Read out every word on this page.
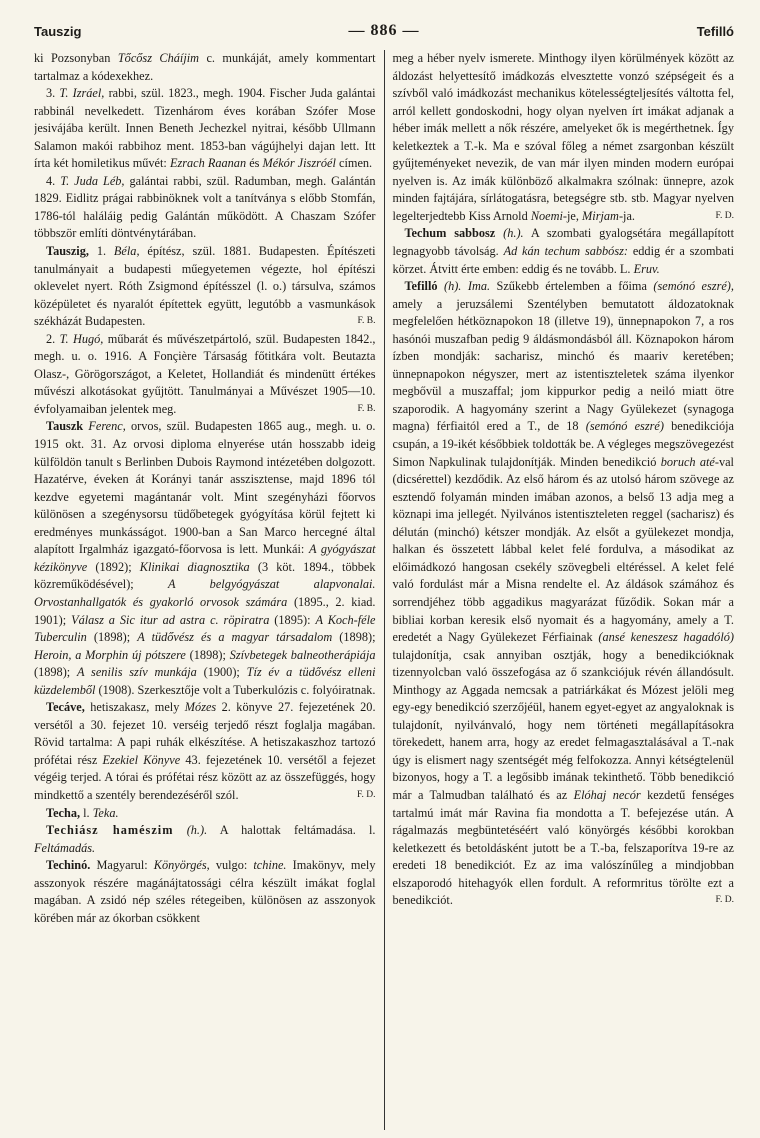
Tauszig	— 886 —	Tefilló

ki Pozsonyban Tőcősz Cháíjim c. munkáját, amely kommentart tartalmaz a kódexekhez.

3. T. Izráel, rabbi, szül. 1823., megh. 1904. Fischer Juda galántai rabbinál nevelkedett. Tizenhárom éves korában Szófer Mose jesivájába került. Innen Beneth Jechezkel nyitrai, később Ullmann Salamon makói rabbihoz ment. 1853-ban vágújhelyi dajan lett. Itt írta két homiletikus művét: Ezrach Raanan és Mékór Jiszróél címen.

4. T. Juda Léb, galántai rabbi, szül. Radumban, megh. Galántán 1829. Eidlitz prágai rabbinöknek volt a tanítványa s előbb Stomfán, 1786-tól haláláig pedig Galántán működött. A Chaszam Szófer többször említi döntvénytárában.

Tauszig, 1. Béla, építész, szül. 1881. Budapesten. Építészeti tanulmányait a budapesti műegyetemen végezte, hol építészi oklevelet nyert. Róth Zsigmond építésszel (l. o.) társulva, számos középületet és nyaralót építettek együtt, legutóbb a vasmunkások székházát Budapesten.	F. B.

2. T. Hugó, műbarát és művészetpártoló, szül. Budapesten 1842., megh. u. o. 1916. A Fonçière Társaság főtitkára volt. Beutazta Olasz-, Görögországot, a Keletet, Hollandiát és mindenütt értékes művészi alkotásokat gyűjtött. Tanulmányai a Művészet 1905—10. évfolyamaiban jelentek meg.	F. B.

Tauszk Ferenc, orvos, szül. Budapesten 1865 aug., megh. u. o. 1915 okt. 31. Az orvosi diploma elnyerése után hosszabb ideig külföldön tanult s Berlinben Dubois Raymond intézetében dolgozott. Hazatérve, éveken át Korányi tanár asszisztense, majd 1896 tól kezdve egyetemi magántanár volt. Mint szegényházi főorvos különösen a szegénysorsu tüdőbetegek gyógyítása körül fejtett ki eredményes munkásságot. 1900-ban a San Marco hercegné által alapított Irgalmház igazgató-főorvosa is lett. Munkái: A gyógyászat kézikönyve (1892); Klinikai diagnosztika (3 köt. 1894., többek közreműködésével);	A belgyógyászat alapvonalai. Orvostanhallgatók és gyakorló orvosok számára (1895., 2. kiad. 1901); Válasz a Sic itur ad astra c. röpiratra (1895): A Koch-féle Tuberculin (1898); A tüdővész és a magyar társadalom (1898); Heroin, a Morphin új pótszere (1898); Szívbetegek balneotherápiája (1898); A senilis szív munkája (1900); Tíz év a tüdővész elleni küzdelemből (1908). Szerkesztője volt a Tuberkulózis c. folyóiratnak.

Tecáve, hetiszakasz, mely Mózes 2. könyve 27. fejezetének 20. versétől a 30. fejezet 10. verséig terjedő részt foglalja magában. Rövid tartalma: A papi ruhák elkészítése. A hetiszakaszhoz tartozó prófétai rész Ezekiel Könyve 43. fejezetének 10. versétől a fejezet végéig terjed. A tórai és prófétai rész között az az összefüggés, hogy mindkettő a szentély berendezéséről szól.	F. D.

Techa, l. Teka.

Techiász hamészim (h.). A halottak feltámadása. l. Feltámadás.

Techinó. Magyarul: Könyörgés, vulgo: tchine. Imakönyv, mely asszonyok részére magánájtatossági célra készült imákat foglal magában. A zsidó nép széles rétegeiben, különösen az asszonyok körében már az ókorban csökkent

meg a héber nyelv ismerete. Minthogy ilyen körülmények között az áldozást helyettesítő imádkozás elvesztette vonzó szépségeit és a szívből való imádkozást mechanikus kötelességteljesítés váltotta fel, arról kellett gondoskodni, hogy olyan nyelven írt imákat adjanak a héber imák mellett a nők részére, amelyeket ők is megérthetnek. Így keletkeztek a T.-k. Ma e szóval főleg a német zsargonban készült gyűjteményeket nevezik, de van már ilyen minden modern európai nyelven is. Az imák különböző alkalmakra szólnak: ünnepre, azok minden fajtájára, sírlátogatásra, betegségre stb. stb. Magyar nyelven legelterjedtebb Kiss Arnold Noemi-je, Mirjam-ja.	F. D.

Techum sabbosz (h.). A szombati gyalogsétára megállapított legnagyobb távolság. Ad kán techum sabbósz: eddig ér a szombati körzet. Átvitt érte emben: eddig és ne tovább. L. Eruv.

Tefilló (h). Ima. Szűkebb értelemben a főima (semónó eszré), amely a jeruzsálemi Szentélyben bemutatott áldozatoknak megfelelően hétköznapokon 18 (illetve 19), ünnepnapokon 7, a ros hasónói muszafban pedig 9 áldásmondásból áll. Köznapokon három ízben mondják: sacharisz, minchó és maariv keretében; ünnepnapokon négyszer, mert az istentiszteletek száma ilyenkor megbővül a muszaffal; jom kippurkor pedig a neiló miatt ötre szaporodik. A hagyomány szerint a Nagy Gyülekezet (synagoga magna) férfiaitól ered a T., de 18 (semónó eszré) benedikciója csupán, a 19-ikét későbbiek toldották be. A végleges megszövegezést Simon Napkulinak tulajdonítják. Minden benedikció boruch até-val (dicsérettel) kezdődik. Az első három és az utolsó három szövege az esztendő folyamán minden imában azonos, a belső 13 adja meg a köznapi ima jellegét. Nyilvános istentiszteleten reggel (sacharisz) és délután (minchó) kétszer mondják. Az elsőt a gyülekezet mondja, halkan és összetett lábbal kelet felé fordulva, a másodikat az előimádkozó hangosan csekély szövegbeli eltéréssel. A kelet felé való fordulást már a Misna rendelte el. Az áldások számához és sorrendjéhez több aggadikus magyarázat fűződik. Sokan már a bibliai korban keresik első nyomait és a hagyomány, amely a T. eredetét a Nagy Gyülekezet Férfiainak (ansé keneszesz hagadóló) tulajdonítja, csak annyiban osztják, hogy a benedikcióknak tizennyolcban való összefogása az ő szankciójuk révén állandósult. Minthogy az Aggada nemcsak a patriárkákat és Mózest jelöli meg egy-egy benedikció szerzőjéül, hanem egyet-egyet az angyaloknak is tulajdonít, nyilvánvaló, hogy nem történeti megállapításokra törekedett, hanem arra, hogy az eredet felmagasztalásával a T.-nak úgy is elismert nagy szentségét még felfokozza. Annyi kétségtelenül bizonyos, hogy a T. a legősibb imának tekinthető. Több benedikció már a Talmudban található és az Elóhaj necór kezdetű fenséges tartalmú imát már Ravina fia mondotta a T. befejezése után. A rágalmazás megbüntetéséért való könyörgés későbbi korokban keletkezett és betoldásként jutott be a T.-ba, felszaporítva 19-re az eredeti 18 benedikciót. Ez az ima valószínűleg a mindjobban elszaporodó hitehagyók ellen fordult. A reformritus törölte ezt a benedikciót.	F. D.
